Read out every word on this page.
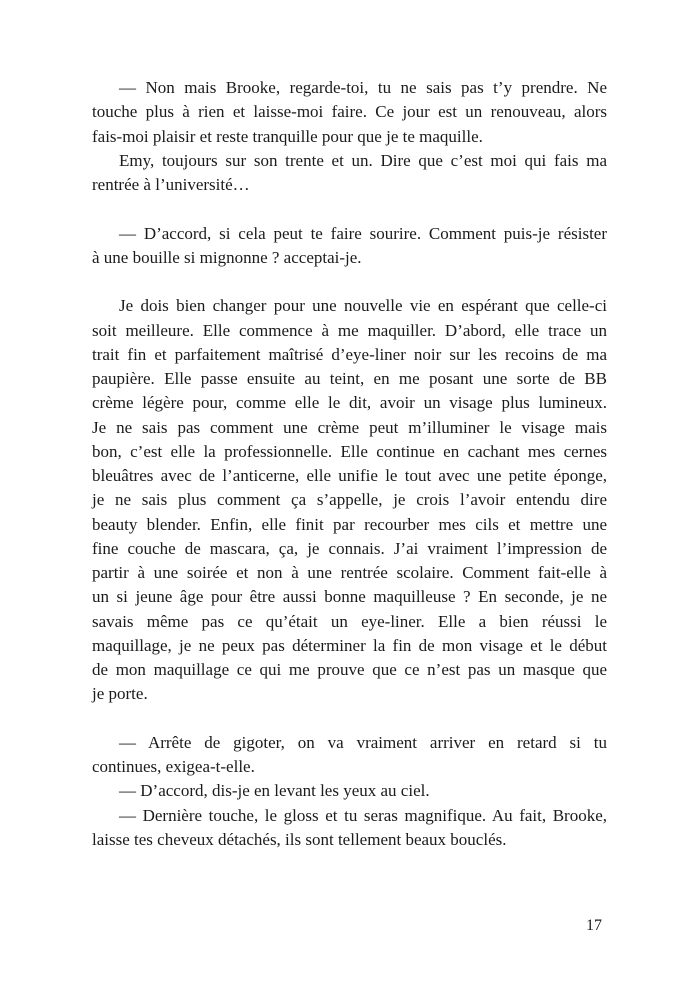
— Non mais Brooke, regarde-toi, tu ne sais pas t’y prendre. Ne
touche plus à rien et laisse-moi faire. Ce jour est un renouveau, alors
fais-moi plaisir et reste tranquille pour que je te maquille.

Emy, toujours sur son trente et un. Dire que c’est moi qui fais ma
rentrée à l’université…

— D’accord, si cela peut te faire sourire. Comment puis-je résister
à une bouille si mignonne ? acceptai-je.

Je dois bien changer pour une nouvelle vie en espérant que celle-ci
soit meilleure. Elle commence à me maquiller. D’abord, elle trace un
trait fin et parfaitement maîtrisé d’eye-liner noir sur les recoins de ma
paupière. Elle passe ensuite au teint, en me posant une sorte de BB
crème légère pour, comme elle le dit, avoir un visage plus lumineux.
Je ne sais pas comment une crème peut m’illuminer le visage mais
bon, c’est elle la professionnelle. Elle continue en cachant mes cernes
bleuâtres avec de l’anticerne, elle unifie le tout avec une petite éponge,
je ne sais plus comment ça s’appelle, je crois l’avoir entendu dire
beauty blender. Enfin, elle finit par recourber mes cils et mettre une
fine couche de mascara, ça, je connais. J’ai vraiment l’impression de
partir à une soirée et non à une rentrée scolaire. Comment fait-elle à
un si jeune âge pour être aussi bonne maquilleuse ? En seconde, je ne
savais même pas ce qu’était un eye-liner. Elle a bien réussi le
maquillage, je ne peux pas déterminer la fin de mon visage et le début
de mon maquillage ce qui me prouve que ce n’est pas un masque que
je porte.

— Arrête de gigoter, on va vraiment arriver en retard si tu
continues, exigea-t-elle.

— D’accord, dis-je en levant les yeux au ciel.

— Dernière touche, le gloss et tu seras magnifique. Au fait, Brooke,
laisse tes cheveux détachés, ils sont tellement beaux bouclés.

17
